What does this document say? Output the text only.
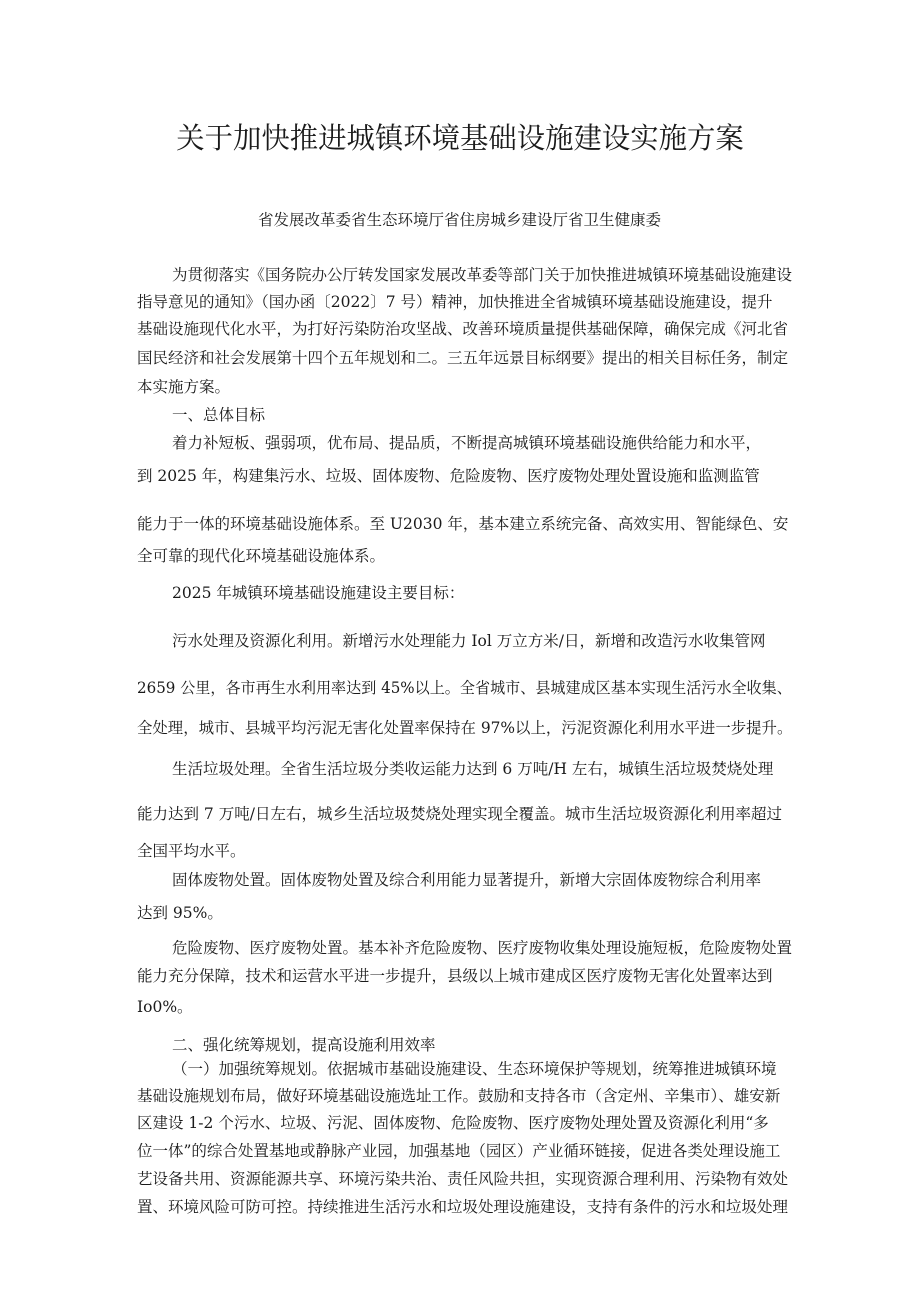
关于加快推进城镇环境基础设施建设实施方案
省发展改革委省生态环境厅省住房城乡建设厅省卫生健康委
为贯彻落实《国务院办公厅转发国家发展改革委等部门关于加快推进城镇环境基础设施建设
指导意见的通知》（国办函〔2022〕7 号）精神，加快推进全省城镇环境基础设施建设，提升
基础设施现代化水平，为打好污染防治攻坚战、改善环境质量提供基础保障，确保完成《河北省
国民经济和社会发展第十四个五年规划和二。三五年远景目标纲要》提出的相关目标任务，制定
本实施方案。
一、总体目标
着力补短板、强弱项，优布局、提品质，不断提高城镇环境基础设施供给能力和水平，
到 2025 年，构建集污水、垃圾、固体废物、危险废物、医疗废物处理处置设施和监测监管
能力于一体的环境基础设施体系。至 U2030 年，基本建立系统完备、高效实用、智能绿色、安
全可靠的现代化环境基础设施体系。
2025 年城镇环境基础设施建设主要目标：
污水处理及资源化利用。新增污水处理能力 Iol 万立方米/日，新增和改造污水收集管网
2659 公里，各市再生水利用率达到 45%以上。全省城市、县城建成区基本实现生活污水全收集、
全处理，城市、县城平均污泥无害化处置率保持在 97%以上，污泥资源化利用水平进一步提升。
生活垃圾处理。全省生活垃圾分类收运能力达到 6 万吨/H 左右，城镇生活垃圾焚烧处理
能力达到 7 万吨/日左右，城乡生活垃圾焚烧处理实现全覆盖。城市生活垃圾资源化利用率超过
全国平均水平。
固体废物处置。固体废物处置及综合利用能力显著提升，新增大宗固体废物综合利用率
达到 95%。
危险废物、医疗废物处置。基本补齐危险废物、医疗废物收集处理设施短板，危险废物处置
能力充分保障，技术和运营水平进一步提升，县级以上城市建成区医疗废物无害化处置率达到
Io0%。
二、强化统筹规划，提高设施利用效率
（一）加强统筹规划。依据城市基础设施建设、生态环境保护等规划，统筹推进城镇环境
基础设施规划布局，做好环境基础设施选址工作。鼓励和支持各市（含定州、辛集市）、雄安新
区建设 1-2 个污水、垃圾、污泥、固体废物、危险废物、医疗废物处理处置及资源化利用“多
位一体”的综合处置基地或静脉产业园，加强基地（园区）产业循环链接，促进各类处理设施工
艺设备共用、资源能源共享、环境污染共治、责任风险共担，实现资源合理利用、污染物有效处
置、环境风险可防可控。持续推进生活污水和垃圾处理设施建设，支持有条件的污水和垃圾处理
